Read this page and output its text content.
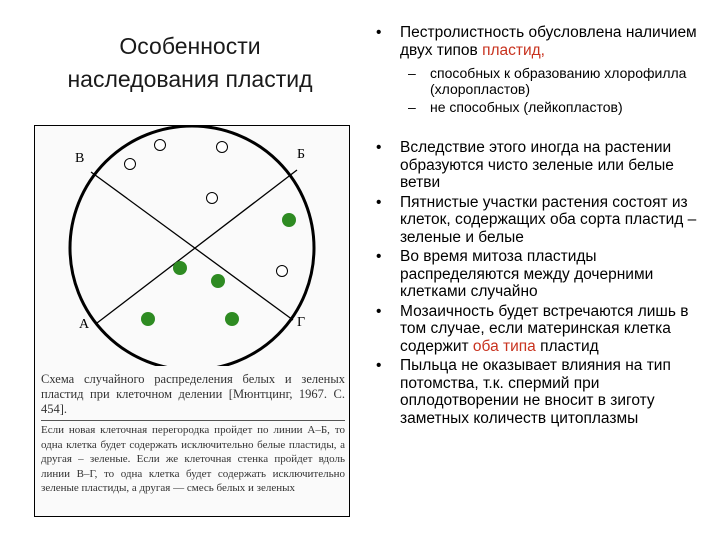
Особенности
наследования пластид
В	Б
А	Г
Схема случайного распределения белых и зеленых пластид при клеточном делении [Мюнтцинг, 1967. С. 454].
Если новая клеточная перегородка пройдет по линии А–Б, то одна клетка будет содержать исключительно белые пластиды, а другая – зеленые. Если же клеточная стенка пройдет вдоль линии В–Г, то одна клетка будет содержать исключительно зеленые пластиды, а другая — смесь белых и зеленых
• Пестролистность обусловлена наличием двух типов пластид,
– способных к образованию хлорофилла (хлоропластов)
– не способных (лейкопластов)
• Вследствие этого иногда на растении образуются чисто зеленые или белые ветви
• Пятнистые участки растения состоят из клеток, содержащих оба сорта пластид – зеленые и белые
• Во время митоза пластиды распределяются между дочерними клетками случайно
• Мозаичность будет встречаются лишь в том случае, если материнская клетка содержит оба типа пластид
• Пыльца не оказывает влияния на тип потомства, т.к. спермий при оплодотворении не вносит в зиготу заметных количеств цитоплазмы
